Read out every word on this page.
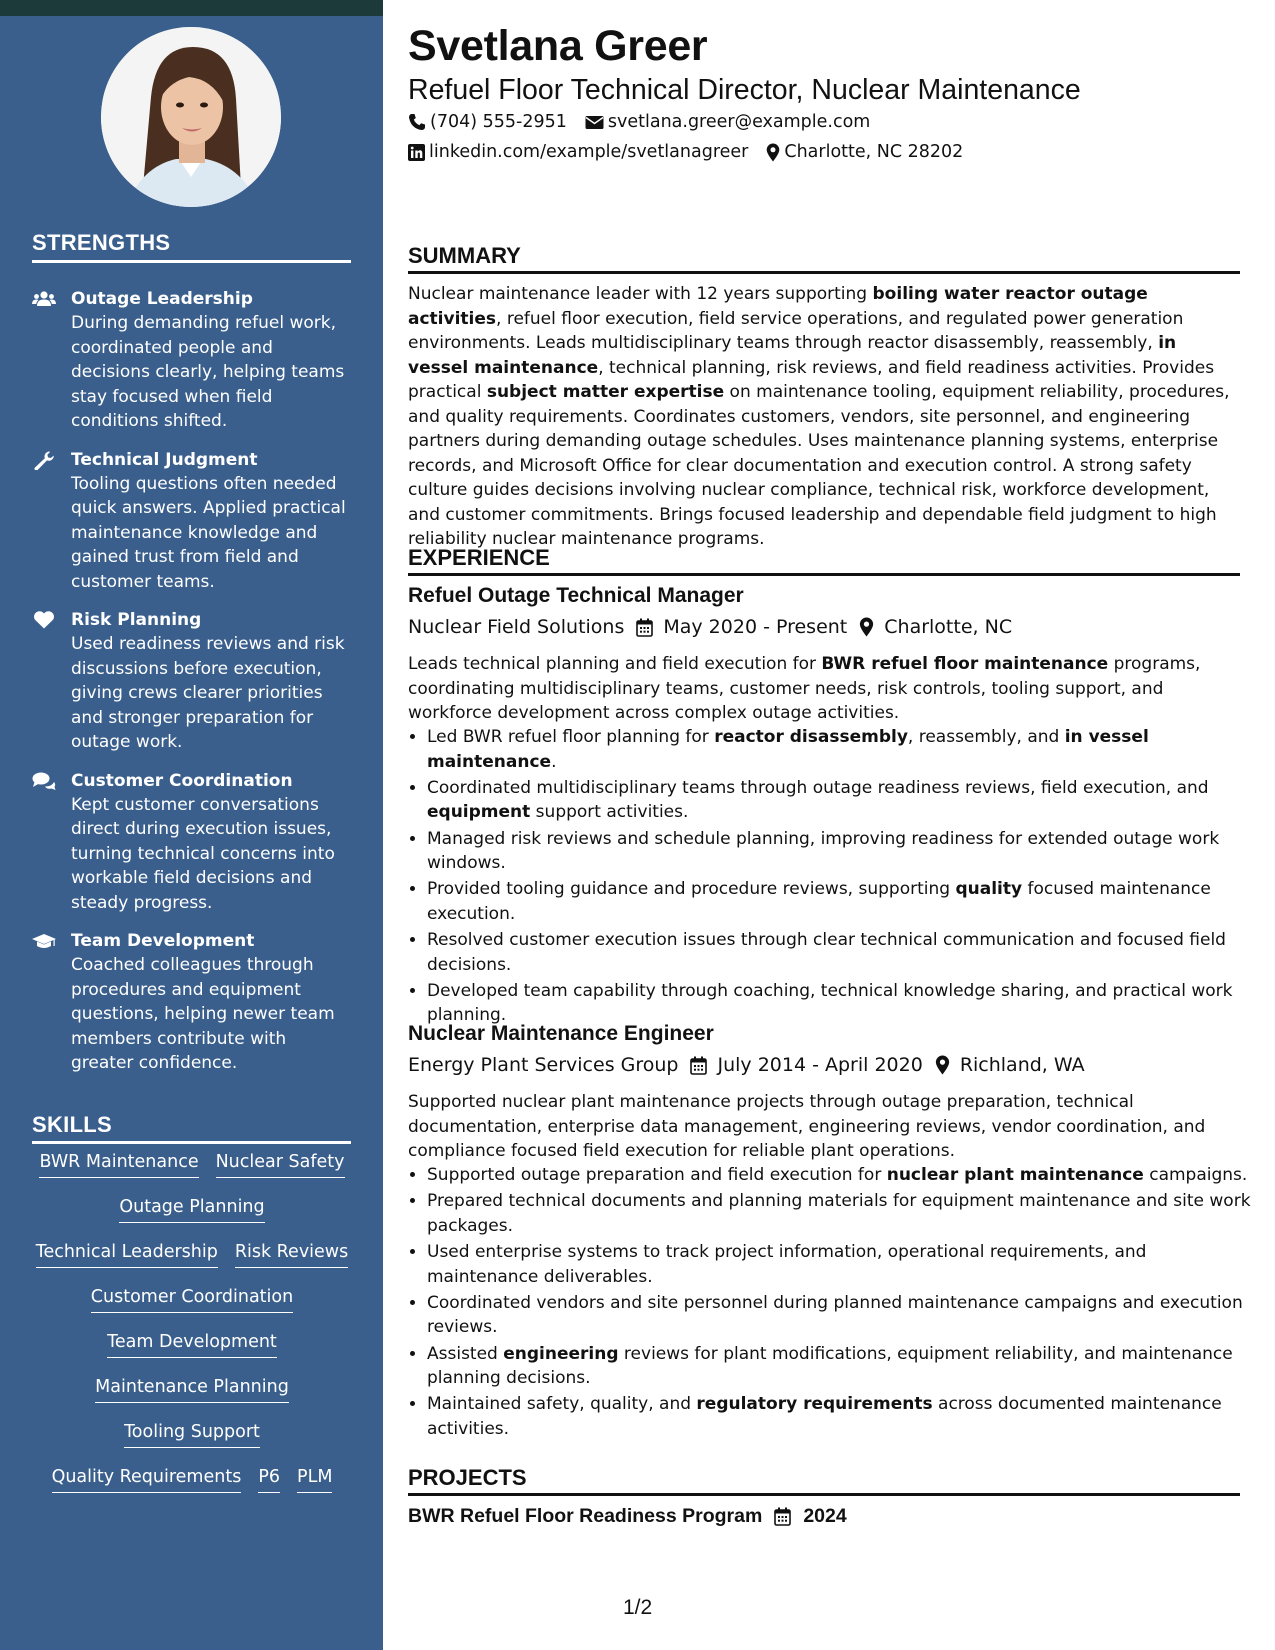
STRENGTHS
Outage Leadership
During demanding refuel work, coordinated people and decisions clearly, helping teams stay focused when field conditions shifted.
Technical Judgment
Tooling questions often needed quick answers. Applied practical maintenance knowledge and gained trust from field and customer teams.
Risk Planning
Used readiness reviews and risk discussions before execution, giving crews clearer priorities and stronger preparation for outage work.
Customer Coordination
Kept customer conversations direct during execution issues, turning technical concerns into workable field decisions and steady progress.
Team Development
Coached colleagues through procedures and equipment questions, helping newer team members contribute with greater confidence.
SKILLS
BWR Maintenance Nuclear Safety
Outage Planning
Technical Leadership Risk Reviews
Customer Coordination
Team Development
Maintenance Planning
Tooling Support
Quality Requirements P6 PLM
Svetlana Greer
Refuel Floor Technical Director, Nuclear Maintenance
(704) 555-2951 svetlana.greer@example.com
linkedin.com/example/svetlanagreer Charlotte, NC 28202
SUMMARY
Nuclear maintenance leader with 12 years supporting boiling water reactor outage activities, refuel floor execution, field service operations, and regulated power generation environments. Leads multidisciplinary teams through reactor disassembly, reassembly, in vessel maintenance, technical planning, risk reviews, and field readiness activities. Provides practical subject matter expertise on maintenance tooling, equipment reliability, procedures, and quality requirements. Coordinates customers, vendors, site personnel, and engineering partners during demanding outage schedules. Uses maintenance planning systems, enterprise records, and Microsoft Office for clear documentation and execution control. A strong safety culture guides decisions involving nuclear compliance, technical risk, workforce development, and customer commitments. Brings focused leadership and dependable field judgment to high reliability nuclear maintenance programs.
EXPERIENCE
Refuel Outage Technical Manager
Nuclear Field Solutions May 2020 - Present Charlotte, NC
Leads technical planning and field execution for BWR refuel floor maintenance programs, coordinating multidisciplinary teams, customer needs, risk controls, tooling support, and workforce development across complex outage activities.
• Led BWR refuel floor planning for reactor disassembly, reassembly, and in vessel maintenance.
• Coordinated multidisciplinary teams through outage readiness reviews, field execution, and equipment support activities.
• Managed risk reviews and schedule planning, improving readiness for extended outage work windows.
• Provided tooling guidance and procedure reviews, supporting quality focused maintenance execution.
• Resolved customer execution issues through clear technical communication and focused field decisions.
• Developed team capability through coaching, technical knowledge sharing, and practical work planning.
Nuclear Maintenance Engineer
Energy Plant Services Group July 2014 - April 2020 Richland, WA
Supported nuclear plant maintenance projects through outage preparation, technical documentation, enterprise data management, engineering reviews, vendor coordination, and compliance focused field execution for reliable plant operations.
• Supported outage preparation and field execution for nuclear plant maintenance campaigns.
• Prepared technical documents and planning materials for equipment maintenance and site work packages.
• Used enterprise systems to track project information, operational requirements, and maintenance deliverables.
• Coordinated vendors and site personnel during planned maintenance campaigns and execution reviews.
• Assisted engineering reviews for plant modifications, equipment reliability, and maintenance planning decisions.
• Maintained safety, quality, and regulatory requirements across documented maintenance activities.
PROJECTS
BWR Refuel Floor Readiness Program 2024
1/2
